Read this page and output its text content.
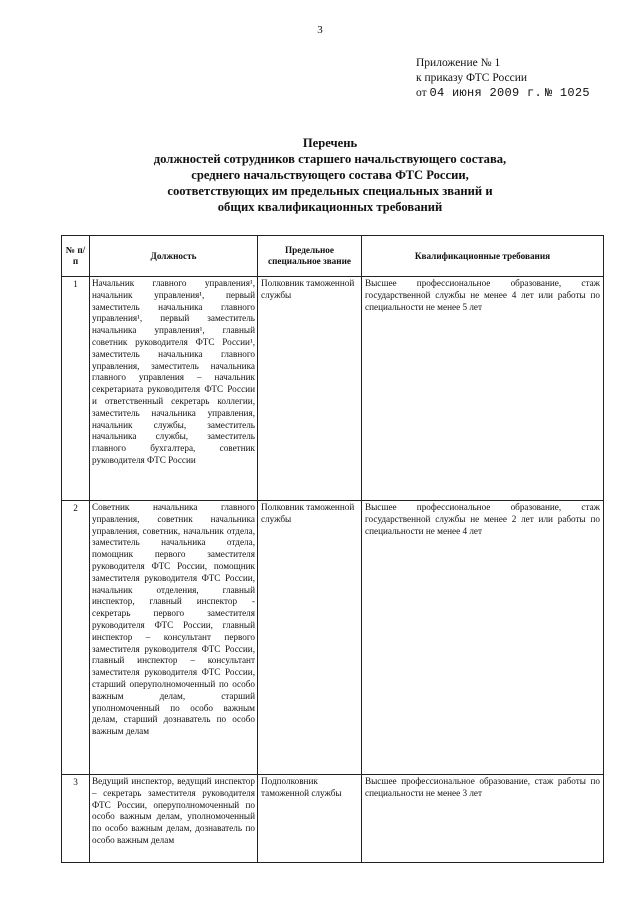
3
Приложение № 1
к приказу ФТС России
от 04 июня 2009 г. № 1025
Перечень
должностей сотрудников старшего начальствующего состава,
среднего начальствующего состава ФТС России,
соответствующих им предельных специальных званий и
общих квалификационных требований
№ п/п	Должность	Предельное специальное звание	Квалификационные требования
1	Начальник главного управления¹, начальник управления¹, первый заместитель начальника главного управления¹, первый заместитель начальника управления¹, главный советник руководителя ФТС России¹, заместитель начальника главного управления, заместитель начальника главного управления – начальник секретариата руководителя ФТС России и ответственный секретарь коллегии, заместитель начальника управления, начальник службы, заместитель начальника службы, заместитель главного бухгалтера, советник руководителя ФТС России	Полковник таможенной службы	Высшее профессиональное образование, стаж государственной службы не менее 4 лет или работы по специальности не менее 5 лет
2	Советник начальника главного управления, советник начальника управления, советник, начальник отдела, заместитель начальника отдела, помощник первого заместителя руководителя ФТС России, помощник заместителя руководителя ФТС России, начальник отделения, главный инспектор, главный инспектор - секретарь первого заместителя руководителя ФТС России, главный инспектор – консультант первого заместителя руководителя ФТС России, главный инспектор – консультант заместителя руководителя ФТС России, старший оперуполномоченный по особо важным делам, старший уполномоченный по особо важным делам, старший дознаватель по особо важным делам	Полковник таможенной службы	Высшее профессиональное образование, стаж государственной службы не менее 2 лет или работы по специальности не менее 4 лет
3	Ведущий инспектор, ведущий инспектор – секретарь заместителя руководителя ФТС России, оперуполномоченный по особо важным делам, уполномоченный по особо важным делам, дознаватель по особо важным делам	Подполковник таможенной службы	Высшее профессиональное образование, стаж работы по специальности не менее 3 лет
